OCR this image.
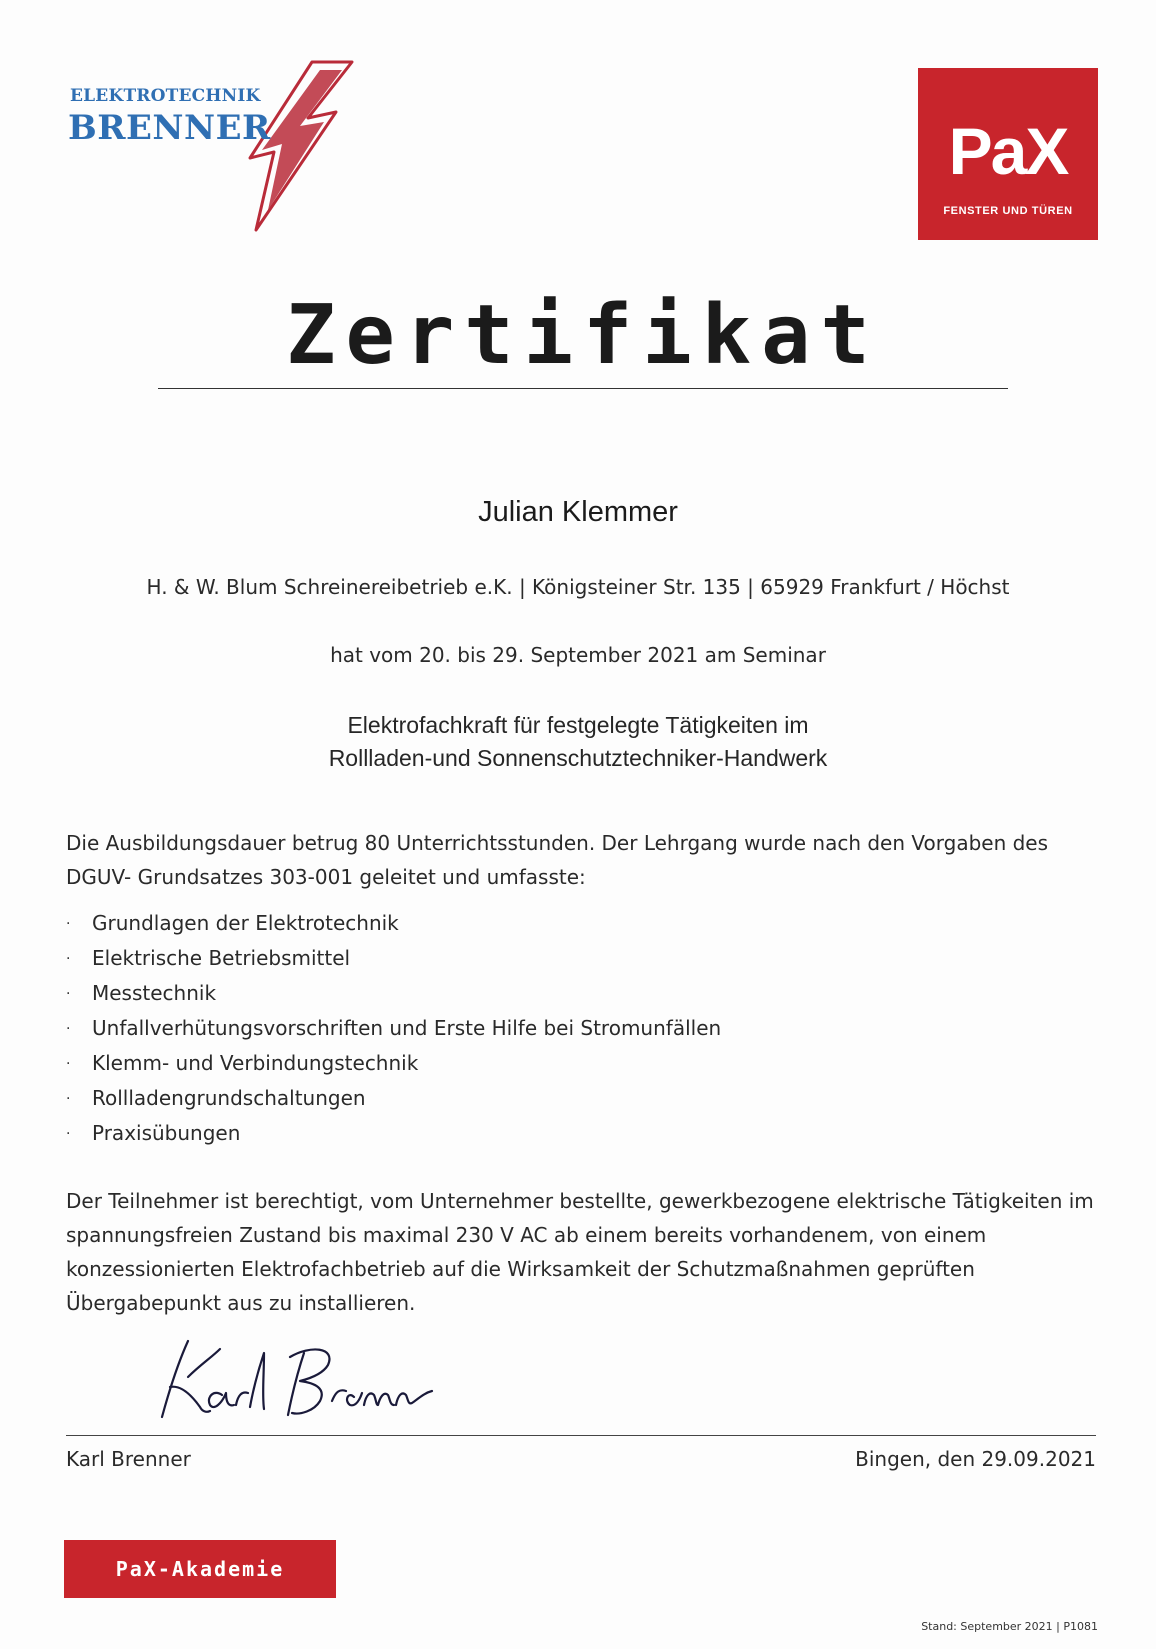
ELEKTROTECHNIK
BRENNER	PaX
FENSTER UND TÜREN
Zertifikat
Julian Klemmer
H. & W. Blum Schreinereibetrieb e.K. | Königsteiner Str. 135 | 65929 Frankfurt / Höchst
hat vom 20. bis 29. September 2021 am Seminar
Elektrofachkraft für festgelegte Tätigkeiten im
Rollladen-und Sonnenschutztechniker-Handwerk
Die Ausbildungsdauer betrug 80 Unterrichtsstunden. Der Lehrgang wurde nach den Vorgaben des DGUV- Grundsatzes 303-001 geleitet und umfasste:
· Grundlagen der Elektrotechnik
· Elektrische Betriebsmittel
· Messtechnik
· Unfallverhütungsvorschriften und Erste Hilfe bei Stromunfällen
· Klemm- und Verbindungstechnik
· Rollladengrundschaltungen
· Praxisübungen
Der Teilnehmer ist berechtigt, vom Unternehmer bestellte, gewerkbezogene elektrische Tätigkeiten im spannungsfreien Zustand bis maximal 230 V AC ab einem bereits vorhandenem, von einem konzessionierten Elektrofachbetrieb auf die Wirksamkeit der Schutzmaßnahmen geprüften Übergabepunkt aus zu installieren.
Karl Brenner	Bingen, den 29.09.2021
PaX-Akademie
Stand: September 2021 | P1081
